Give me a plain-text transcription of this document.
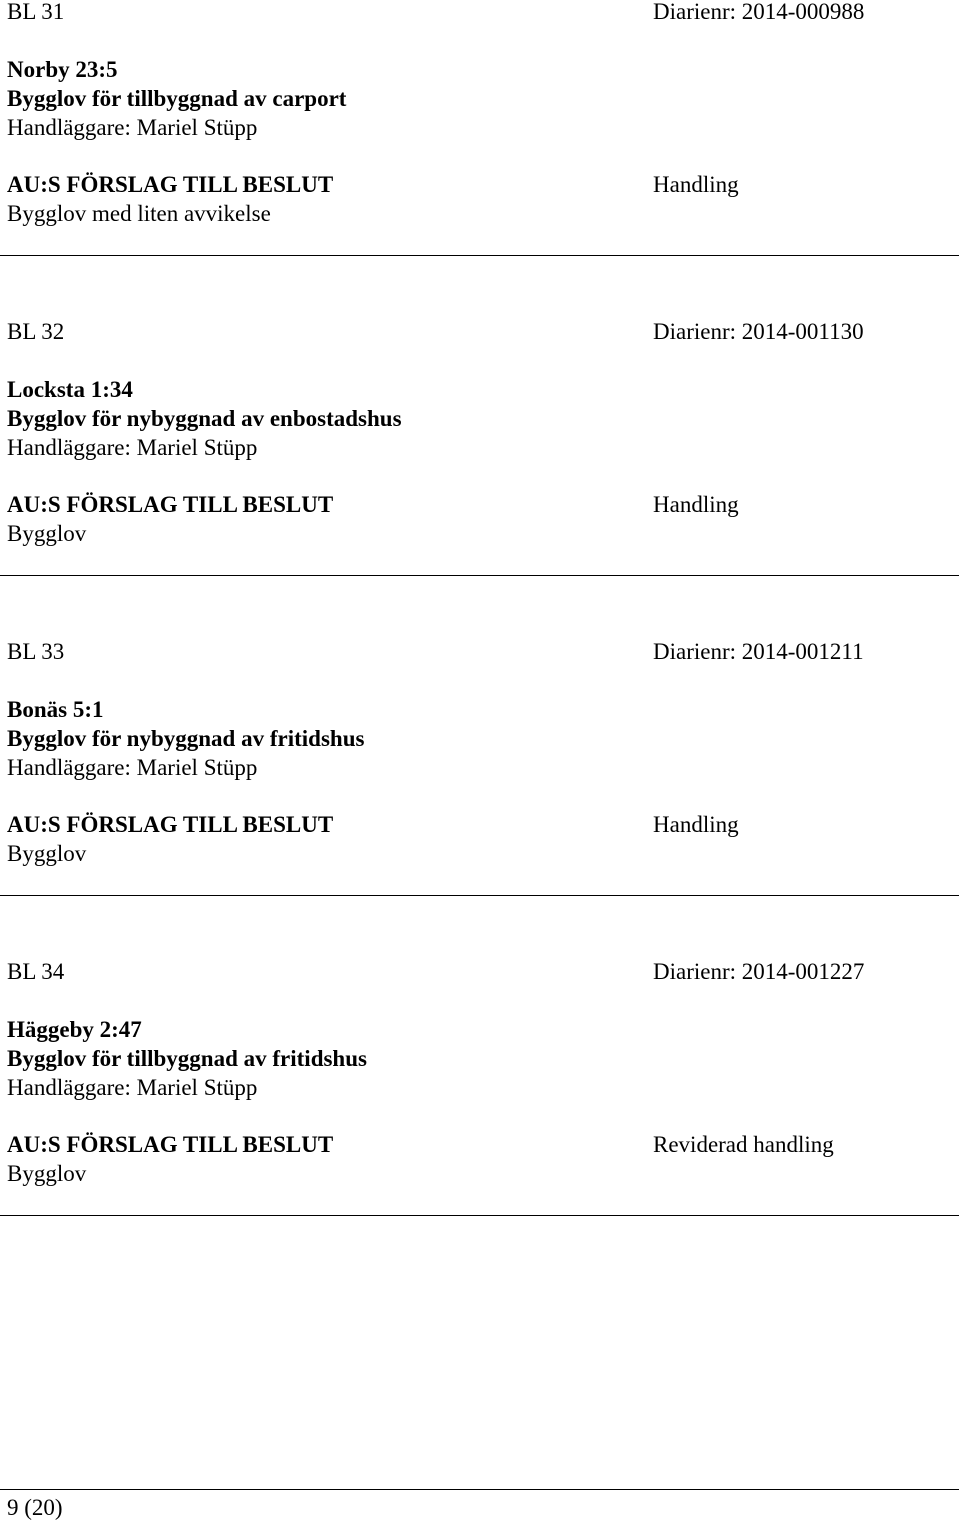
BL 31	Diarienr: 2014-000988
Norby 23:5
Bygglov för tillbyggnad av carport
Handläggare: Mariel Stüpp
AU:S FÖRSLAG TILL BESLUT	Handling
Bygglov med liten avvikelse
BL 32	Diarienr: 2014-001130
Locksta 1:34
Bygglov för nybyggnad av enbostadshus
Handläggare: Mariel Stüpp
AU:S FÖRSLAG TILL BESLUT	Handling
Bygglov
BL 33	Diarienr: 2014-001211
Bonäs 5:1
Bygglov för nybyggnad av fritidshus
Handläggare: Mariel Stüpp
AU:S FÖRSLAG TILL BESLUT	Handling
Bygglov
BL 34	Diarienr: 2014-001227
Häggeby 2:47
Bygglov för tillbyggnad av fritidshus
Handläggare: Mariel Stüpp
AU:S FÖRSLAG TILL BESLUT	Reviderad handling
Bygglov
9 (20)
